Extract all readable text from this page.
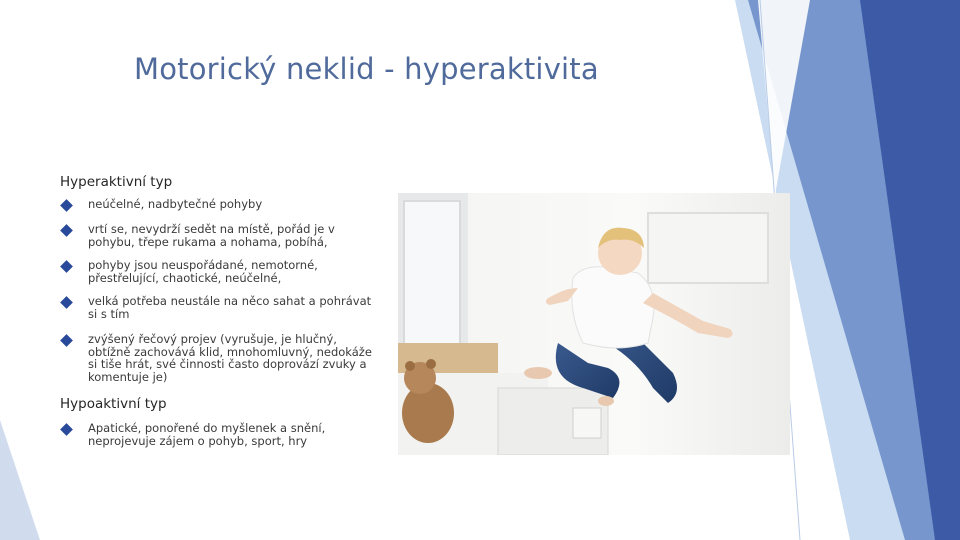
Motorický neklid - hyperaktivita
Hyperaktivní typ
neúčelné, nadbytečné pohyby
vrtí se, nevydrží sedět na místě, pořád je v pohybu, třepe rukama a nohama, pobíhá,
pohyby jsou neuspořádané, nemotorné, přestřelující, chaotické, neúčelné,
velká potřeba neustále na něco sahat a pohrávat si s tím
zvýšený řečový projev (vyrušuje, je hlučný, obtížně zachovává klid, mnohomluvný, nedokáže si tiše hrát, své činnosti často doprovází zvuky a komentuje je)
Hypoaktivní typ
Apatické, ponořené do myšlenek a snění, neprojevuje zájem o pohyb, sport, hry
